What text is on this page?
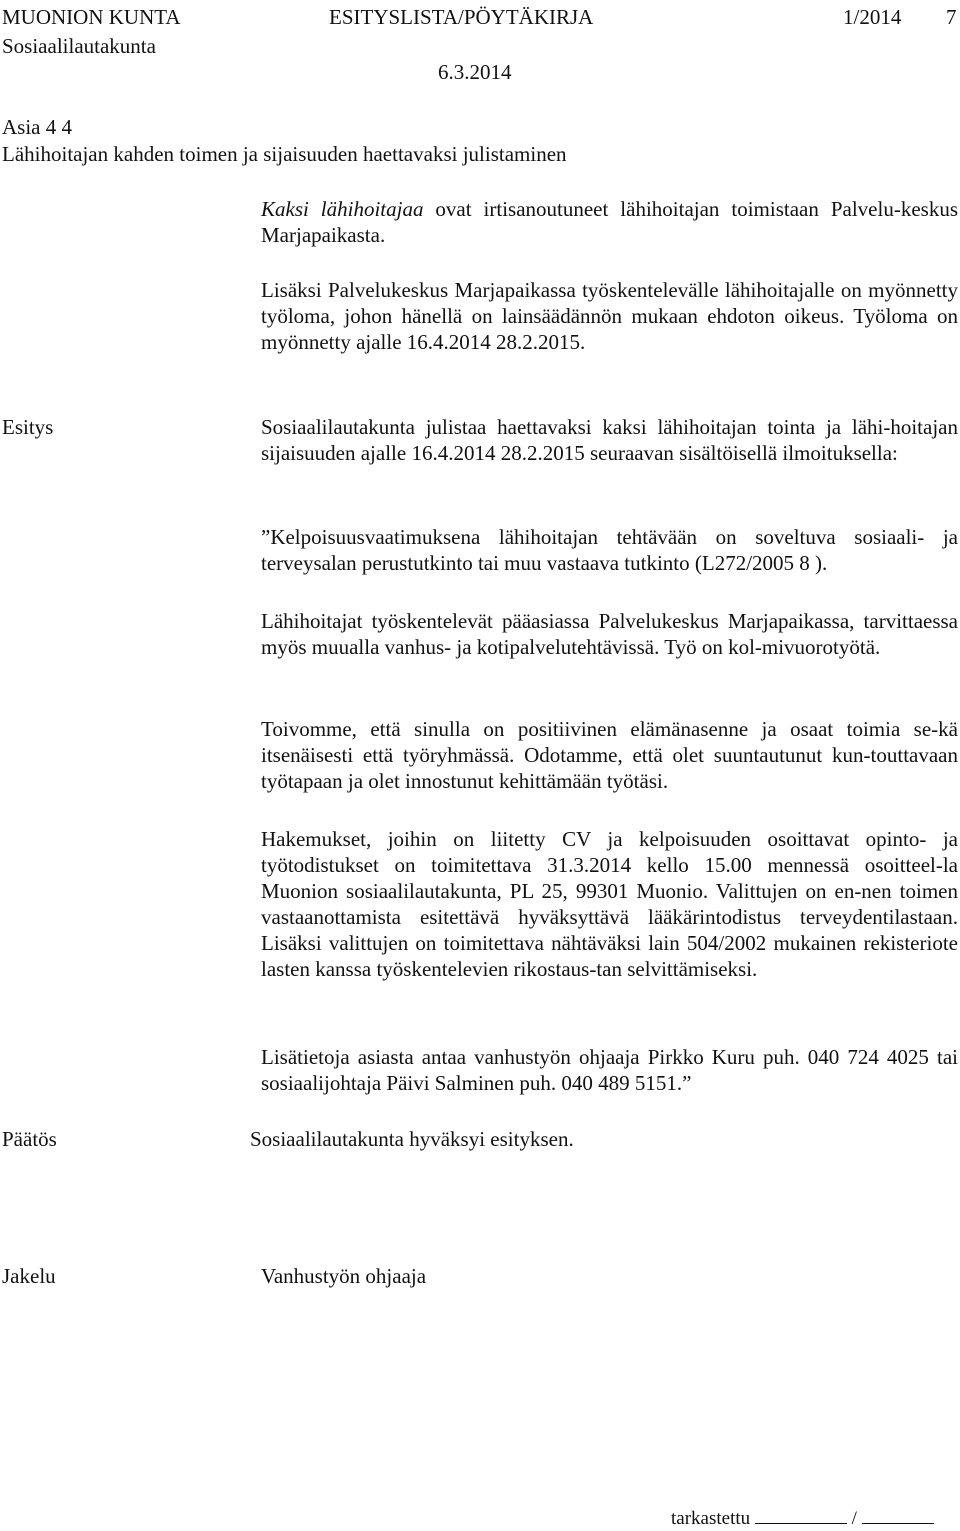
MUONION KUNTA	ESITYSLISTA/PÖYTÄKIRJA	1/2014 7
Sosiaalilautakunta
6.3.2014
Asia 4 4
Lähihoitajan kahden toimen ja sijaisuuden haettavaksi julistaminen

Kaksi lähihoitajaa ovat irtisanoutuneet lähihoitajan toimistaan Palvelu-keskus Marjapaikasta.

Lisäksi Palvelukeskus Marjapaikassa työskentelevälle lähihoitajalle on myönnetty työloma, johon hänellä on lainsäädännön mukaan ehdoton oikeus. Työloma on myönnetty ajalle 16.4.2014 28.2.2015.

Esitys	Sosiaalilautakunta julistaa haettavaksi kaksi lähihoitajan tointa ja lähi-hoitajan sijaisuuden ajalle 16.4.2014 28.2.2015 seuraavan sisältöisellä ilmoituksella:

”Kelpoisuusvaatimuksena lähihoitajan tehtävään on soveltuva sosiaali- ja terveysalan perustutkinto tai muu vastaava tutkinto (L272/2005 8 ).

Lähihoitajat työskentelevät pääasiassa Palvelukeskus Marjapaikassa, tarvittaessa myös muualla vanhus- ja kotipalvelutehtävissä. Työ on kol-mivuorotyötä.

Toivomme, että sinulla on positiivinen elämänasenne ja osaat toimia se-kä itsenäisesti että työryhmässä. Odotamme, että olet suuntautunut kun-touttavaan työtapaan ja olet innostunut kehittämään työtäsi.

Hakemukset, joihin on liitetty CV ja kelpoisuuden osoittavat opinto- ja työtodistukset on toimitettava 31.3.2014 kello 15.00 mennessä osoitteel-la Muonion sosiaalilautakunta, PL 25, 99301 Muonio. Valittujen on en-nen toimen vastaanottamista esitettävä hyväksyttävä lääkärintodistus terveydentilastaan. Lisäksi valittujen on toimitettava nähtäväksi lain 504/2002 mukainen rekisteriote lasten kanssa työskentelevien rikostaus-tan selvittämiseksi.

Lisätietoja asiasta antaa vanhustyön ohjaaja Pirkko Kuru puh. 040 724 4025 tai sosiaalijohtaja Päivi Salminen puh. 040 489 5151.”

Päätös	Sosiaalilautakunta hyväksyi esityksen.
Jakelu	Vanhustyön ohjaaja
tarkastettu	/
